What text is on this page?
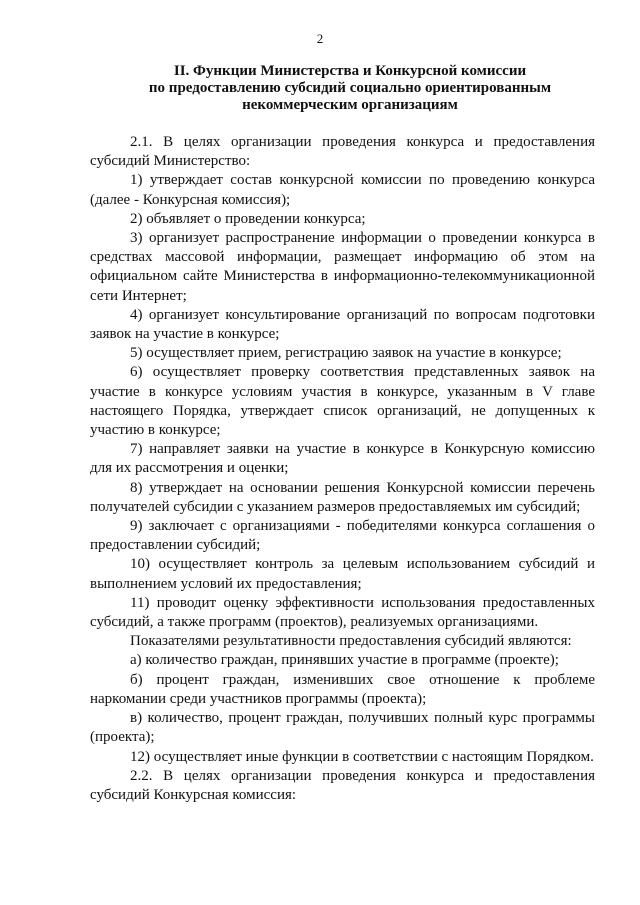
2
II. Функции Министерства и Конкурсной комиссии
по предоставлению субсидий социально ориентированным
некоммерческим организациям

2.1. В целях организации проведения конкурса и предоставления субсидий Министерство:

1) утверждает состав конкурсной комиссии по проведению конкурса (далее - Конкурсная комиссия);

2) объявляет о проведении конкурса;

3) организует распространение информации о проведении конкурса в средствах массовой информации, размещает информацию об этом на официальном сайте Министерства в информационно-телекоммуникационной сети Интернет;

4) организует консультирование организаций по вопросам подготовки заявок на участие в конкурсе;

5) осуществляет прием, регистрацию заявок на участие в конкурсе;

6) осуществляет проверку соответствия представленных заявок на участие в конкурсе условиям участия в конкурсе, указанным в V главе настоящего Порядка, утверждает список организаций, не допущенных к участию в конкурсе;

7) направляет заявки на участие в конкурсе в Конкурсную комиссию для их рассмотрения и оценки;

8) утверждает на основании решения Конкурсной комиссии перечень получателей субсидии с указанием размеров предоставляемых им субсидий;

9) заключает с организациями - победителями конкурса соглашения о предоставлении субсидий;

10) осуществляет контроль за целевым использованием субсидий и выполнением условий их предоставления;

11) проводит оценку эффективности использования предоставленных субсидий, а также программ (проектов), реализуемых организациями.

Показателями результативности предоставления субсидий являются:

а) количество граждан, принявших участие в программе (проекте);

б) процент граждан, изменивших свое отношение к проблеме наркомании среди участников программы (проекта);

в) количество, процент граждан, получивших полный курс программы (проекта);

12) осуществляет иные функции в соответствии с настоящим Порядком.

2.2. В целях организации проведения конкурса и предоставления субсидий Конкурсная комиссия:
